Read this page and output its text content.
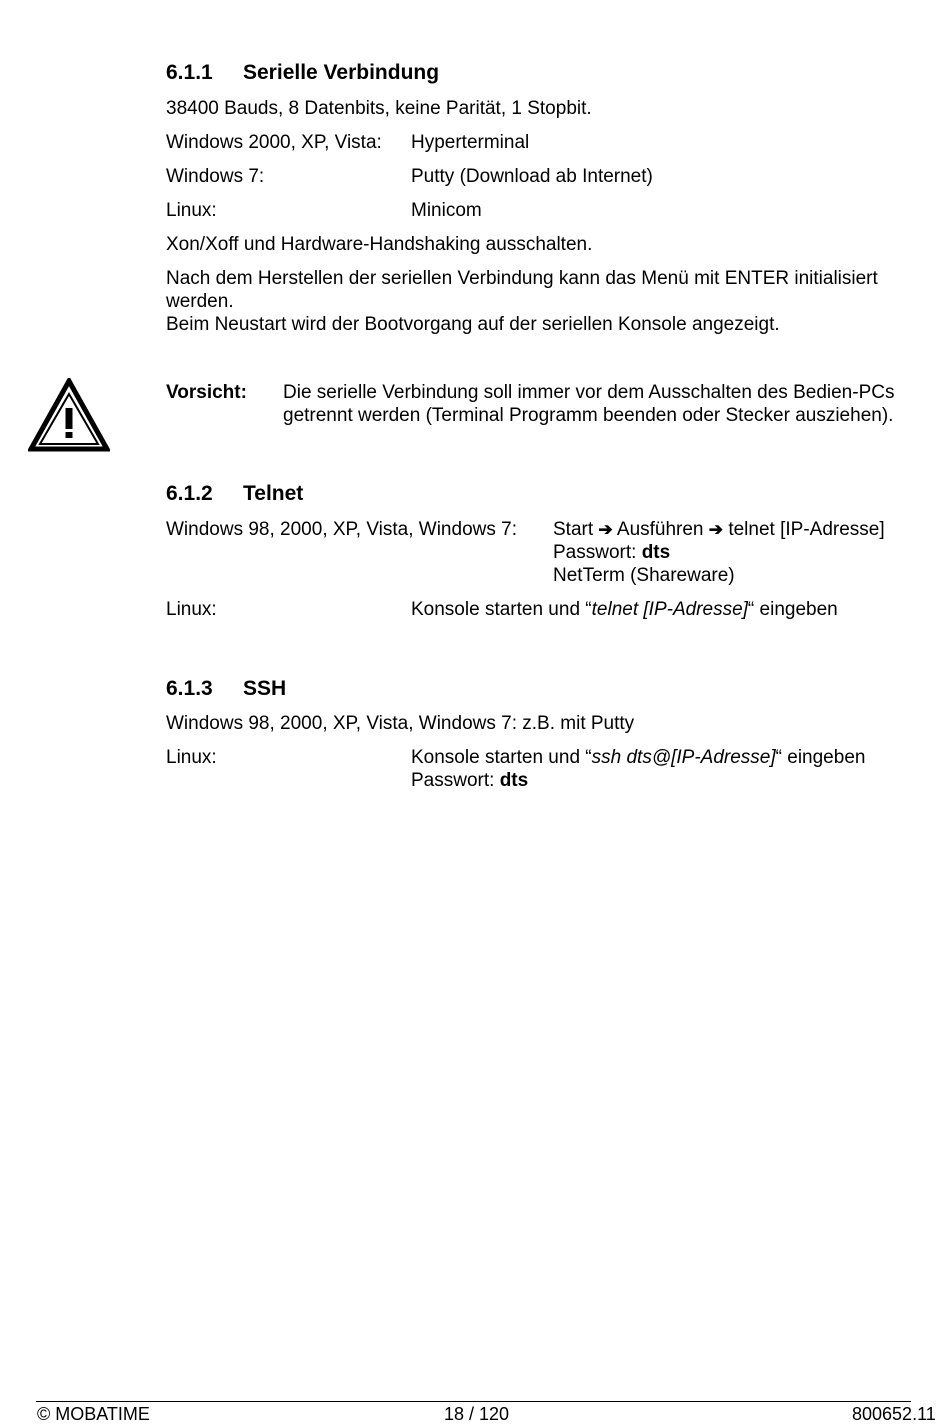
6.1.1 Serielle Verbindung
38400 Bauds, 8 Datenbits, keine Parität, 1 Stopbit.
Windows 2000, XP, Vista: Hyperterminal
Windows 7:	Putty (Download ab Internet)
Linux:	Minicom
Xon/Xoff und Hardware-Handshaking ausschalten.
Nach dem Herstellen der seriellen Verbindung kann das Menü mit ENTER initialisiert
werden.
Beim Neustart wird der Bootvorgang auf der seriellen Konsole angezeigt.
Vorsicht: Die serielle Verbindung soll immer vor dem Ausschalten des Bedien-PCs
getrennt werden (Terminal Programm beenden oder Stecker ausziehen).
6.1.2 Telnet
Windows 98, 2000, XP, Vista, Windows 7: Start ➔ Ausführen ➔ telnet [IP-Adresse]
Passwort: dts
NetTerm (Shareware)
Linux:	Konsole starten und “telnet [IP-Adresse]“ eingeben
6.1.3 SSH
Windows 98, 2000, XP, Vista, Windows 7: z.B. mit Putty
Linux:	Konsole starten und “ssh dts@[IP-Adresse]“ eingeben
Passwort: dts
© MOBATIME	18 / 120	800652.11
